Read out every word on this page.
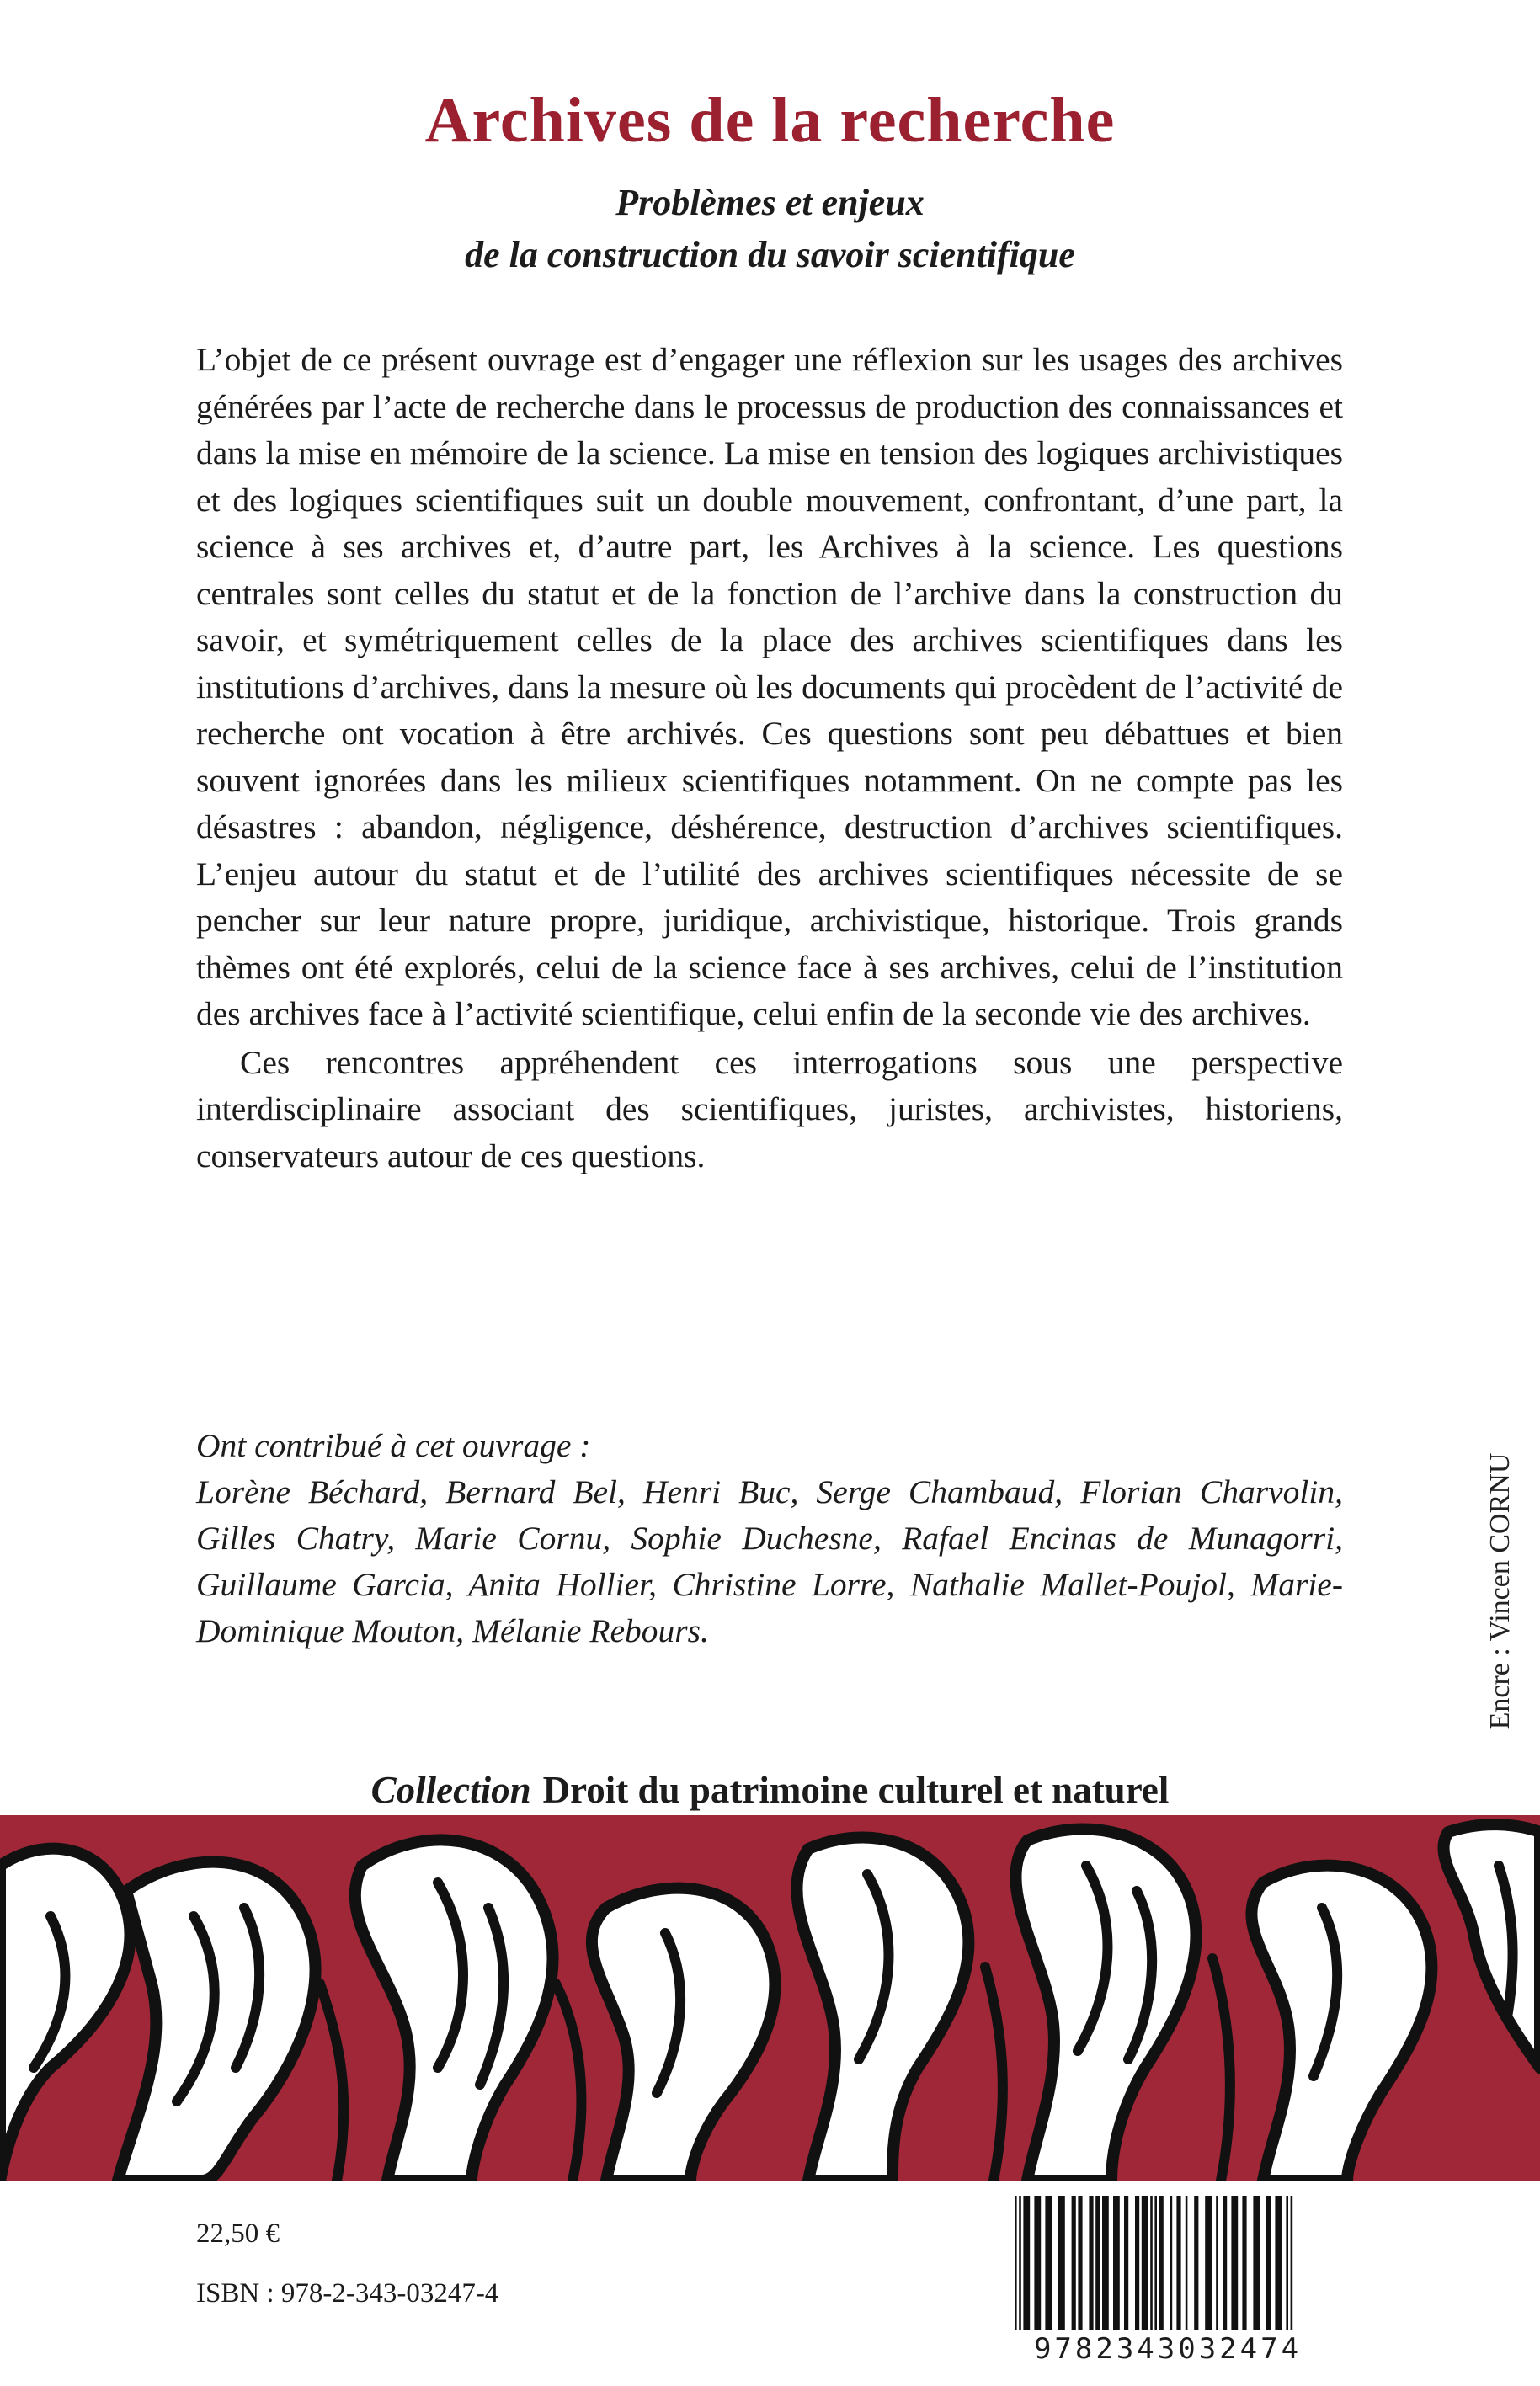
Archives de la recherche
Problèmes et enjeux
de la construction du savoir scientifique

L’objet de ce présent ouvrage est d’engager une réflexion sur les usages des archives générées par l’acte de recherche dans le processus de production des connaissances et dans la mise en mémoire de la science. La mise en tension des logiques archivistiques et des logiques scientifiques suit un double mouvement, confrontant, d’une part, la science à ses archives et, d’autre part, les Archives à la science. Les questions centrales sont celles du statut et de la fonction de l’archive dans la construction du savoir, et symétriquement celles de la place des archives scientifiques dans les institutions d’archives, dans la mesure où les documents qui procèdent de l’activité de recherche ont vocation à être archivés. Ces questions sont peu débattues et bien souvent ignorées dans les milieux scientifiques notamment. On ne compte pas les désastres : abandon, négligence, déshérence, destruction d’archives scientifiques. L’enjeu autour du statut et de l’utilité des archives scientifiques nécessite de se pencher sur leur nature propre, juridique, archivistique, historique. Trois grands thèmes ont été explorés, celui de la science face à ses archives, celui de l’institution des archives face à l’activité scientifique, celui enfin de la seconde vie des archives.

Ces rencontres appréhendent ces interrogations sous une perspective interdisciplinaire associant des scientifiques, juristes, archivistes, historiens, conservateurs autour de ces questions.

Ont contribué à cet ouvrage :
Lorène Béchard, Bernard Bel, Henri Buc, Serge Chambaud, Florian Charvolin, Gilles Chatry, Marie Cornu, Sophie Duchesne, Rafael Encinas de Munagorri, Guillaume Garcia, Anita Hollier, Christine Lorre, Nathalie Mallet-Poujol, Marie-Dominique Mouton, Mélanie Rebours.	Encre : Vincen CORNU
Collection Droit du patrimoine culturel et naturel
22,50 €
ISBN : 978-2-343-03247-4
9782343032474
